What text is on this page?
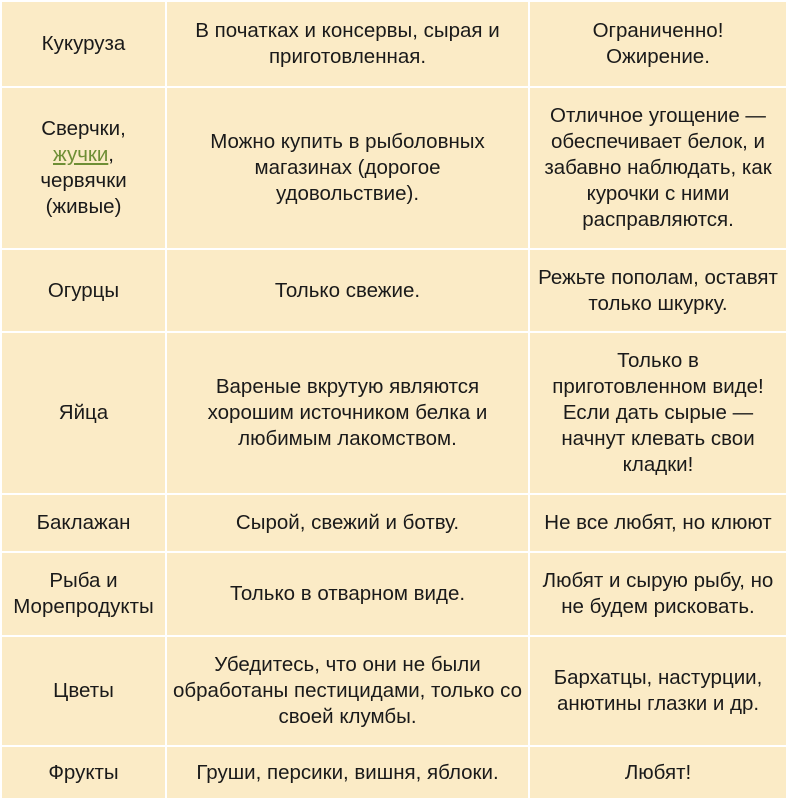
Кукуруза	В початках и консервы, сырая и приготовленная.	Ограниченно! Ожирение.
Сверчки, жучки, червячки (живые)	Можно купить в рыболовных магазинах (дорогое удовольствие).	Отличное угощение — обеспечивает белок, и забавно наблюдать, как курочки с ними расправляются.
Огурцы	Только свежие.	Режьте пополам, оставят только шкурку.
Яйца	Вареные вкрутую являются хорошим источником белка и любимым лакомством.	Только в приготовленном виде! Если дать сырые — начнут клевать свои кладки!
Баклажан	Сырой, свежий и ботву.	Не все любят, но клюют
Рыба и Морепродукты	Только в отварном виде.	Любят и сырую рыбу, но не будем рисковать.
Цветы	Убедитесь, что они не были обработаны пестицидами, только со своей клумбы.	Бархатцы, настурции, анютины глазки и др.
Фрукты	Груши, персики, вишня, яблоки.	Любят!
